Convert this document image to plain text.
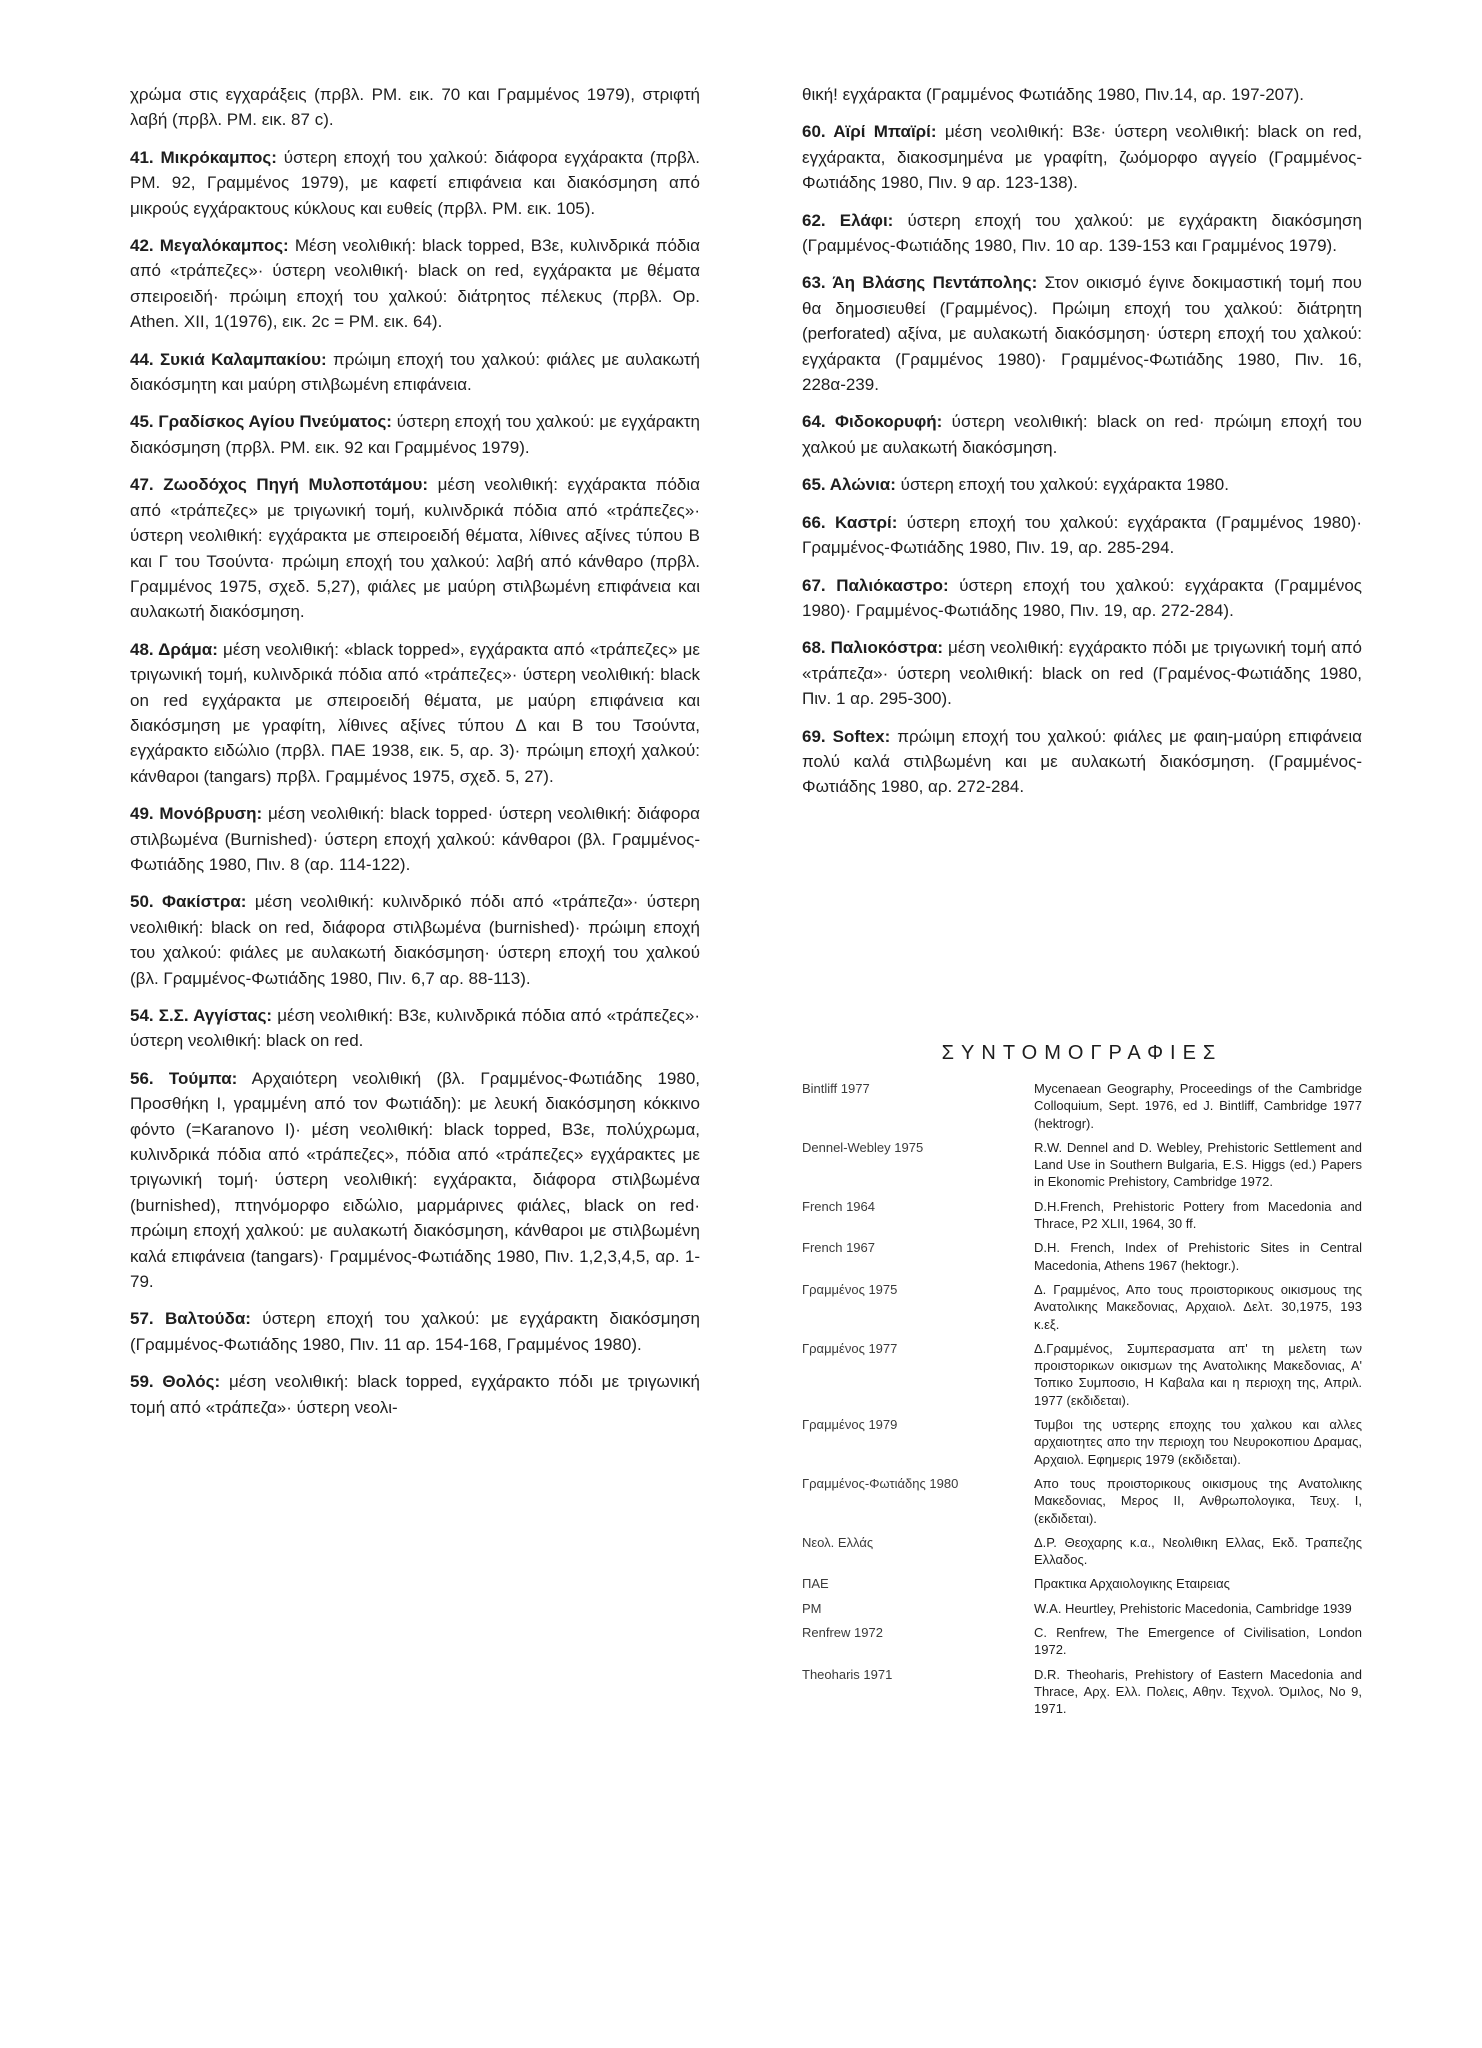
χρώμα στις εγχαράξεις (πρβλ. PM. εικ. 70 και Γραμμένος 1979), στριφτή λαβή (πρβλ. PM. εικ. 87 c).

41. Μικρόκαμπος: ύστερη εποχή του χαλκού: διάφορα εγχάρακτα (πρβλ. PM. 92, Γραμμένος 1979), με καφετί επιφάνεια και διακόσμηση από μικρούς εγχάρακτους κύκλους και ευθείς (πρβλ. PM. εικ. 105).

42. Μεγαλόκαμπος: Μέση νεολιθική: black topped, B3ε, κυλινδρικά πόδια από «τράπεζες»· ύστερη νεολιθική· black on red, εγχάρακτα με θέματα σπειροειδή· πρώιμη εποχή του χαλκού: διάτρητος πέλεκυς (πρβλ. Op. Athen. XII, 1(1976), εικ. 2c = PM. εικ. 64).

44. Συκιά Καλαμπακίου: πρώιμη εποχή του χαλκού: φιάλες με αυλακωτή διακόσμητη και μαύρη στιλβωμένη επιφάνεια.

45. Γραδίσκος Αγίου Πνεύματος: ύστερη εποχή του χαλκού: με εγχάρακτη διακόσμηση (πρβλ. PM. εικ. 92 και Γραμμένος 1979).

47. Ζωοδόχος Πηγή Μυλοποτάμου: μέση νεολιθική: εγχάρακτα πόδια από «τράπεζες» με τριγωνική τομή, κυλινδρικά πόδια από «τράπεζες»· ύστερη νεολιθική: εγχάρακτα με σπειροειδή θέματα, λίθινες αξίνες τύπου B και Γ του Τσούντα· πρώιμη εποχή του χαλκού: λαβή από κάνθαρο (πρβλ. Γραμμένος 1975, σχεδ. 5,27), φιάλες με μαύρη στιλβωμένη επιφάνεια και αυλακωτή διακόσμηση.

48. Δράμα: μέση νεολιθική: «black topped», εγχάρακτα από «τράπεζες» με τριγωνική τομή, κυλινδρικά πόδια από «τράπεζες»· ύστερη νεολιθική: black on red εγχάρακτα με σπειροειδή θέματα, με μαύρη επιφάνεια και διακόσμηση με γραφίτη, λίθινες αξίνες τύπου Δ και B του Τσούντα, εγχάρακτο ειδώλιο (πρβλ. ΠΑΕ 1938, εικ. 5, αρ. 3)· πρώιμη εποχή χαλκού: κάνθαροι (tangars) πρβλ. Γραμμένος 1975, σχεδ. 5, 27).

49. Μονόβρυση: μέση νεολιθική: black topped· ύστερη νεολιθική: διάφορα στιλβωμένα (Burnished)· ύστερη εποχή χαλκού: κάνθαροι (βλ. Γραμμένος-Φωτιάδης 1980, Πιν. 8 (αρ. 114-122).

50. Φακίστρα: μέση νεολιθική: κυλινδρικό πόδι από «τράπεζα»· ύστερη νεολιθική: black on red, διάφορα στιλβωμένα (burnished)· πρώιμη εποχή του χαλκού: φιάλες με αυλακωτή διακόσμηση· ύστερη εποχή του χαλκού (βλ. Γραμμένος-Φωτιάδης 1980, Πιν. 6,7 αρ. 88-113).

54. Σ.Σ. Αγγίστας: μέση νεολιθική: B3ε, κυλινδρικά πόδια από «τράπεζες»· ύστερη νεολιθική: black on red.

56. Τούμπα: Αρχαιότερη νεολιθική (βλ. Γραμμένος-Φωτιάδης 1980, Προσθήκη I, γραμμένη από τον Φωτιάδη): με λευκή διακόσμηση κόκκινο φόντο (=Karanovo I)· μέση νεολιθική: black topped, B3ε, πολύχρωμα, κυλινδρικά πόδια από «τράπεζες», πόδια από «τράπεζες» εγχάρακτες με τριγωνική τομή· ύστερη νεολιθική: εγχάρακτα, διάφορα στιλβωμένα (burnished), πτηνόμορφο ειδώλιο, μαρμάρινες φιάλες, black on red· πρώιμη εποχή χαλκού: με αυλακωτή διακόσμηση, κάνθαροι με στιλβωμένη καλά επιφάνεια (tangars)· Γραμμένος-Φωτιάδης 1980, Πιν. 1,2,3,4,5, αρ. 1-79.

57. Βαλτούδα: ύστερη εποχή του χαλκού: με εγχάρακτη διακόσμηση (Γραμμένος-Φωτιάδης 1980, Πιν. 11 αρ. 154-168, Γραμμένος 1980).

59. Θολός: μέση νεολιθική: black topped, εγχάρακτο πόδι με τριγωνική τομή από «τράπεζα»· ύστερη νεολι-

θική! εγχάρακτα (Γραμμένος Φωτιάδης 1980, Πιν.14, αρ. 197-207).

60. Αϊρί Μπαϊρί: μέση νεολιθική: B3ε· ύστερη νεολιθική: black on red, εγχάρακτα, διακοσμημένα με γραφίτη, ζωόμορφο αγγείο (Γραμμένος-Φωτιάδης 1980, Πιν. 9 αρ. 123-138).

62. Ελάφι: ύστερη εποχή του χαλκού: με εγχάρακτη διακόσμηση (Γραμμένος-Φωτιάδης 1980, Πιν. 10 αρ. 139-153 και Γραμμένος 1979).

63. Άη Βλάσης Πεντάπολης: Στον οικισμό έγινε δοκιμαστική τομή που θα δημοσιευθεί (Γραμμένος). Πρώιμη εποχή του χαλκού: διάτρητη (perforated) αξίνα, με αυλακωτή διακόσμηση· ύστερη εποχή του χαλκού: εγχάρακτα (Γραμμένος 1980)· Γραμμένος-Φωτιάδης 1980, Πιν. 16, 228α-239.

64. Φιδοκορυφή: ύστερη νεολιθική: black on red· πρώιμη εποχή του χαλκού με αυλακωτή διακόσμηση.

65. Αλώνια: ύστερη εποχή του χαλκού: εγχάρακτα 1980.

66. Καστρί: ύστερη εποχή του χαλκού: εγχάρακτα (Γραμμένος 1980)· Γραμμένος-Φωτιάδης 1980, Πιν. 19, αρ. 285-294.

67. Παλιόκαστρο: ύστερη εποχή του χαλκού: εγχάρακτα (Γραμμένος 1980)· Γραμμένος-Φωτιάδης 1980, Πιν. 19, αρ. 272-284).

68. Παλιοκόστρα: μέση νεολιθική: εγχάρακτο πόδι με τριγωνική τομή από «τράπεζα»· ύστερη νεολιθική: black on red (Γραμένος-Φωτιάδης 1980, Πιν. 1 αρ. 295-300).

69. Softex: πρώιμη εποχή του χαλκού: φιάλες με φαιη-μαύρη επιφάνεια πολύ καλά στιλβωμένη και με αυλακωτή διακόσμηση. (Γραμμένος-Φωτιάδης 1980, αρ. 272-284.

ΣΥΝΤΟΜΟΓΡΑΦΙΕΣ
Bintliff 1977	Mycenaean Geography, Proceedings of the Cambridge Colloquium, Sept. 1976, ed J. Bintliff, Cambridge 1977 (hektrogr).
Dennel-Webley 1975	R.W. Dennel and D. Webley, Prehistoric Settlement and Land Use in Southern Bulgaria, E.S. Higgs (ed.) Papers in Ekonomic Prehistory, Cambridge 1972.
French 1964	D.H.French, Prehistoric Pottery from Macedonia and Thrace, P2 XLII, 1964, 30 ff.
French 1967	D.H. French, Index of Prehistoric Sites in Central Macedonia, Athens 1967 (hektogr.).
Γραμμένος 1975	Δ. Γραμμένος, Απο τους προιστορικους οικισμους της Ανατολικης Μακεδονιας, Αρχαιολ. Δελτ. 30,1975, 193 κ.εξ.
Γραμμένος 1977	Δ.Γραμμένος, Συμπερασματα απ' τη μελετη των προιστορικων οικισμων της Ανατολικης Μακεδονιας, Α' Τοπικο Συμποσιο, Η Καβαλα και η περιοχη της, Απριλ. 1977 (εκδιδεται).
Γραμμένος 1979	Τυμβοι της υστερης εποχης του χαλκου και αλλες αρχαιοτητες απο την περιοχη του Νευροκοπιου Δραμας, Αρχαιολ. Εφημερις 1979 (εκδιδεται).
Γραμμένος-Φωτιάδης 1980	Απο τους προιστορικους οικισμους της Ανατολικης Μακεδονιας, Μερος II, Ανθρωπολογικα, Τευχ. I, (εκδιδεται).
Νεολ. Ελλάς	Δ.Ρ. Θεοχαρης κ.α., Νεολιθικη Ελλας, Εκδ. Τραπεζης Ελλαδος.
ΠΑΕ	Πρακτικα Αρχαιολογικης Εταιρειας
PM	W.A. Heurtley, Prehistoric Macedonia, Cambridge 1939
Renfrew 1972	C. Renfrew, The Emergence of Civilisation, London 1972.
Theoharis 1971	D.R. Theoharis, Prehistory of Eastern Macedonia and Thrace, Αρχ. Ελλ. Πολεις, Αθην. Τεχνολ. Όμιλος, No 9, 1971.
